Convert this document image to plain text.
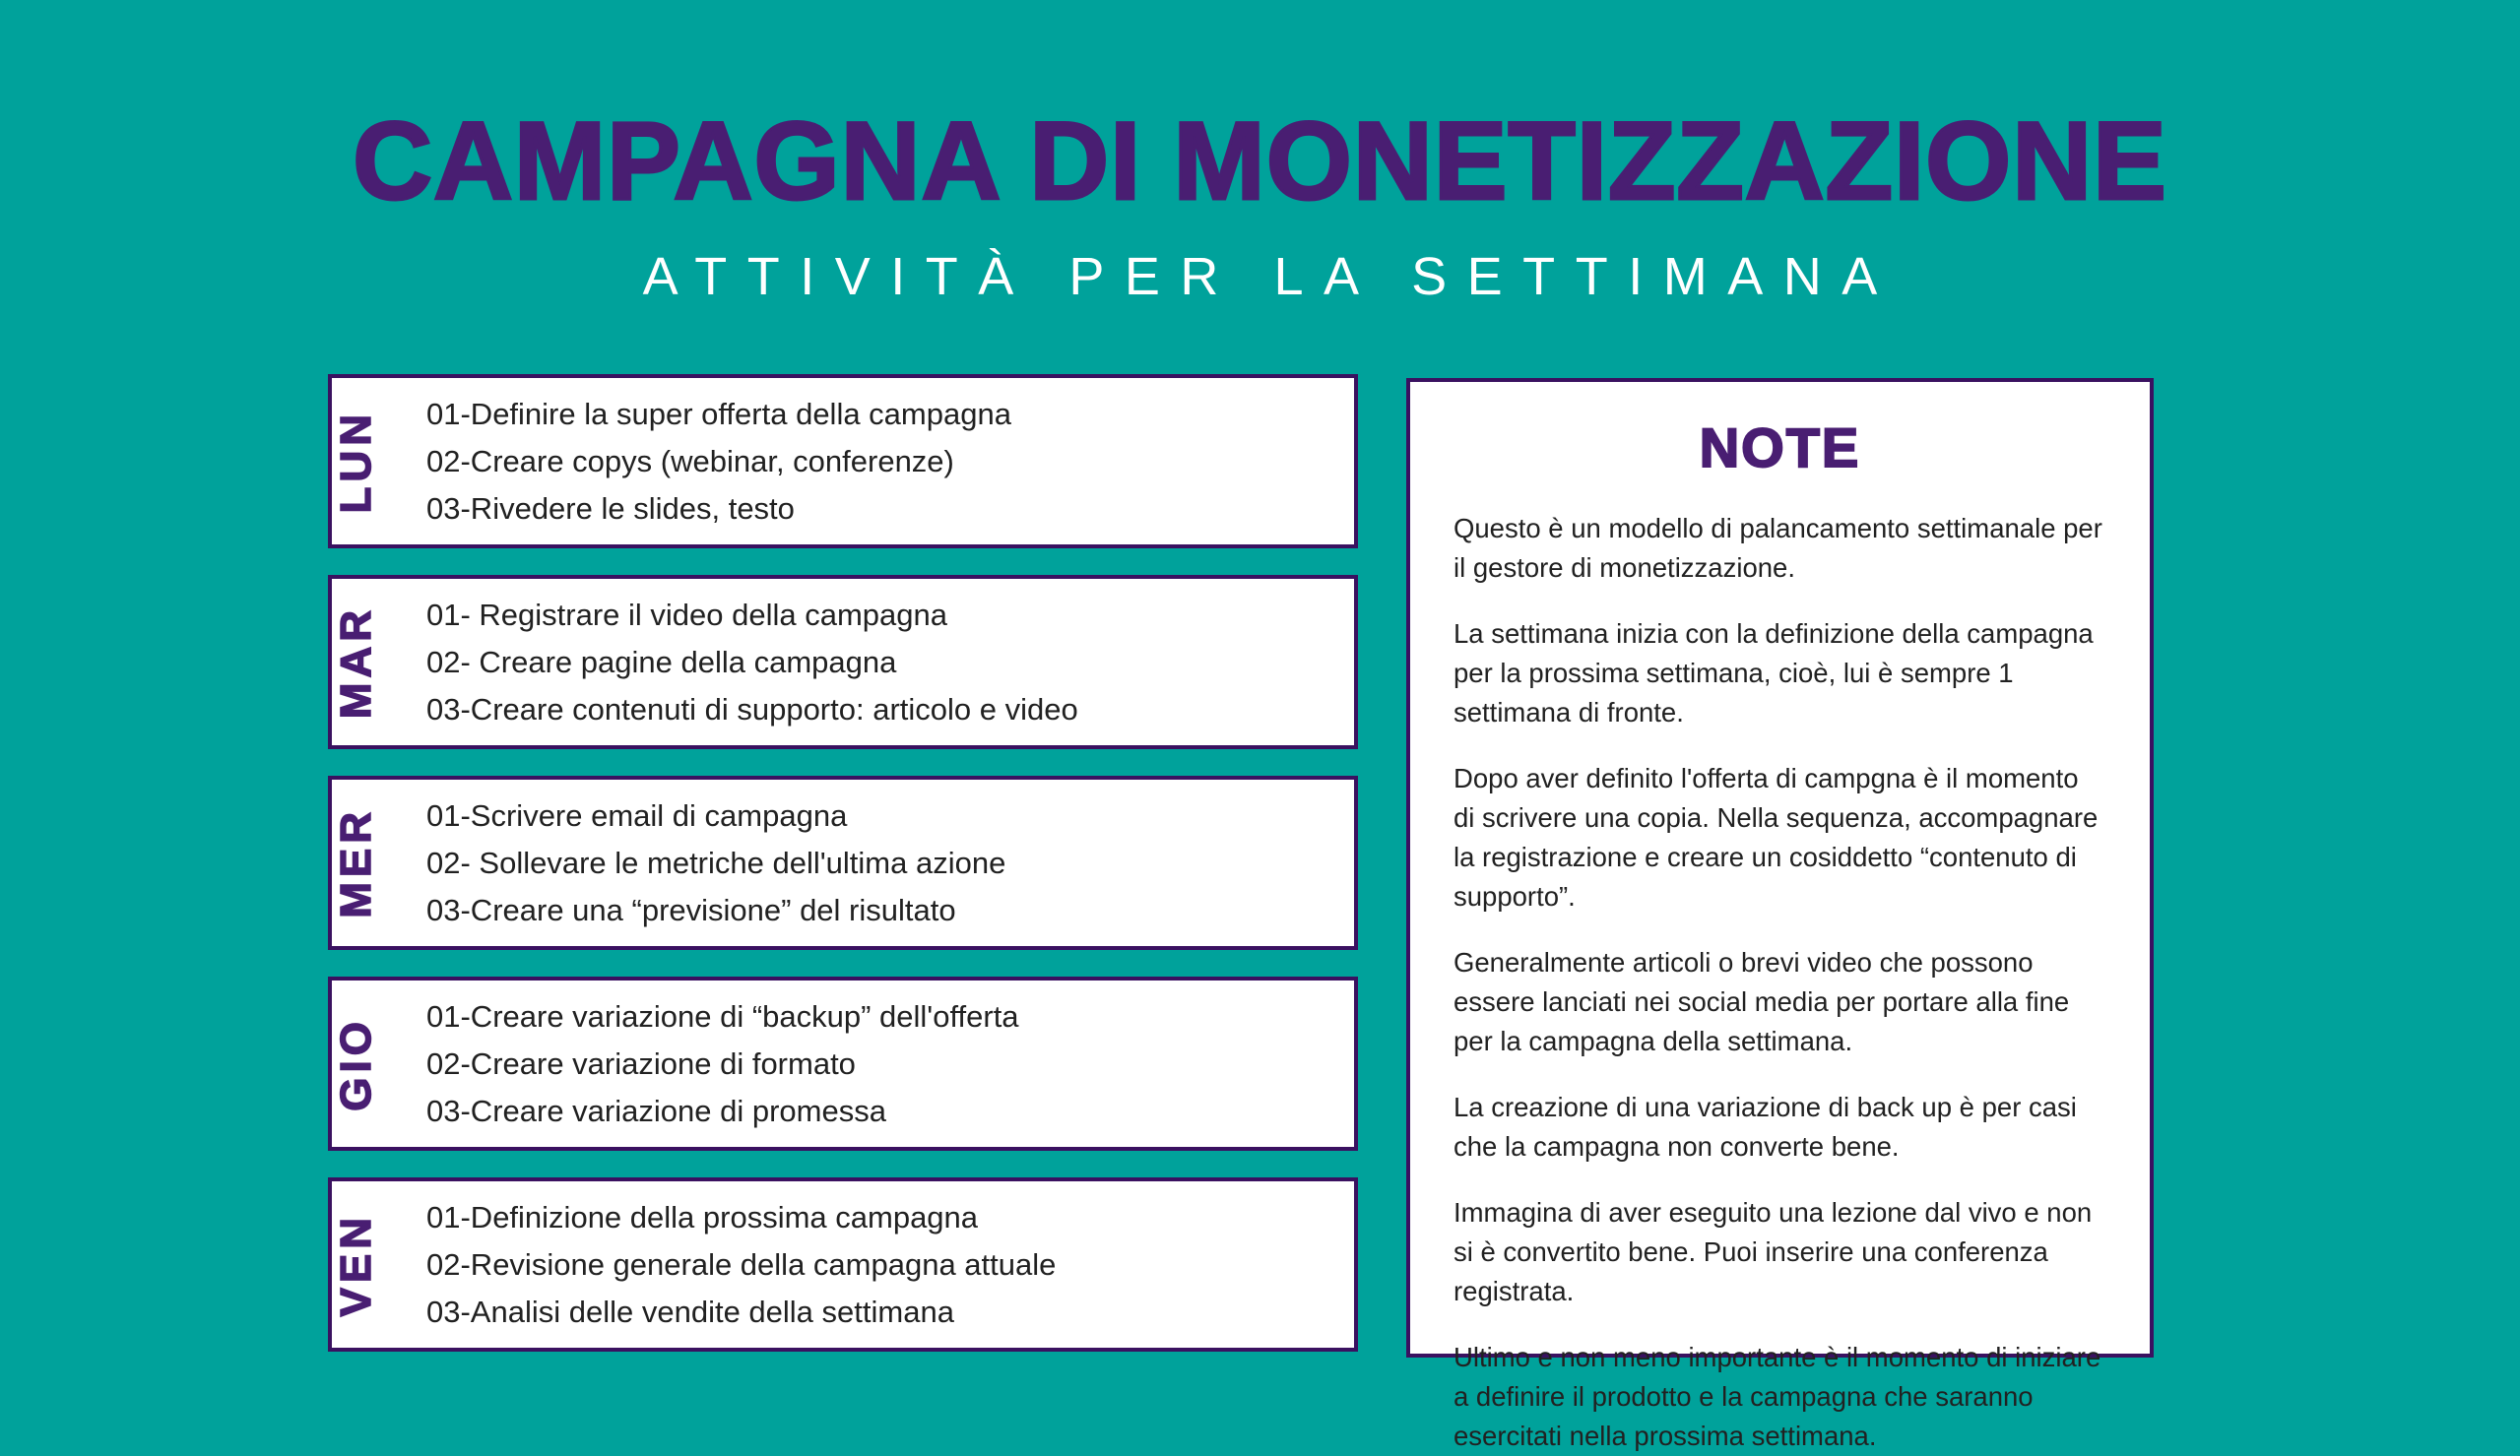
CAMPAGNA DI MONETIZZAZIONE
ATTIVITÀ PER LA SETTIMANA
LUN	01-Definire la super offerta della campagna
02-Creare copys (webinar, conferenze)
03-Rivedere le slides, testo
MAR	01- Registrare il video della campagna
02- Creare pagine della campagna
03-Creare contenuti di supporto: articolo e video
MER	01-Scrivere email di campagna
02- Sollevare le metriche dell'ultima azione
03-Creare una “previsione” del risultato
GIO
01-Creare variazione di “backup” dell'offerta
02-Creare variazione di formato
03-Creare variazione di promessa
VEN	01-Definizione della prossima campagna
02-Revisione generale della campagna attuale
03-Analisi delle vendite della settimana
NOTE

Questo è un modello di palancamento settimanale per il gestore di monetizzazione.

La settimana inizia con la definizione della campagna per la prossima settimana, cioè, lui è sempre 1 settimana di fronte.

Dopo aver definito l'offerta di campgna è il momento di scrivere una copia. Nella sequenza, accompagnare la registrazione e creare un cosiddetto “contenuto di supporto”.

Generalmente articoli o brevi video che possono essere lanciati nei social media per portare alla fine per la campagna della settimana.

La creazione di una variazione di back up è per casi che la campagna non converte bene.

Immagina di aver eseguito una lezione dal vivo e non si è convertito bene. Puoi inserire una conferenza registrata.

Ultimo e non meno importante è il momento di iniziare a definire il prodotto e la campagna che saranno esercitati nella prossima settimana.
